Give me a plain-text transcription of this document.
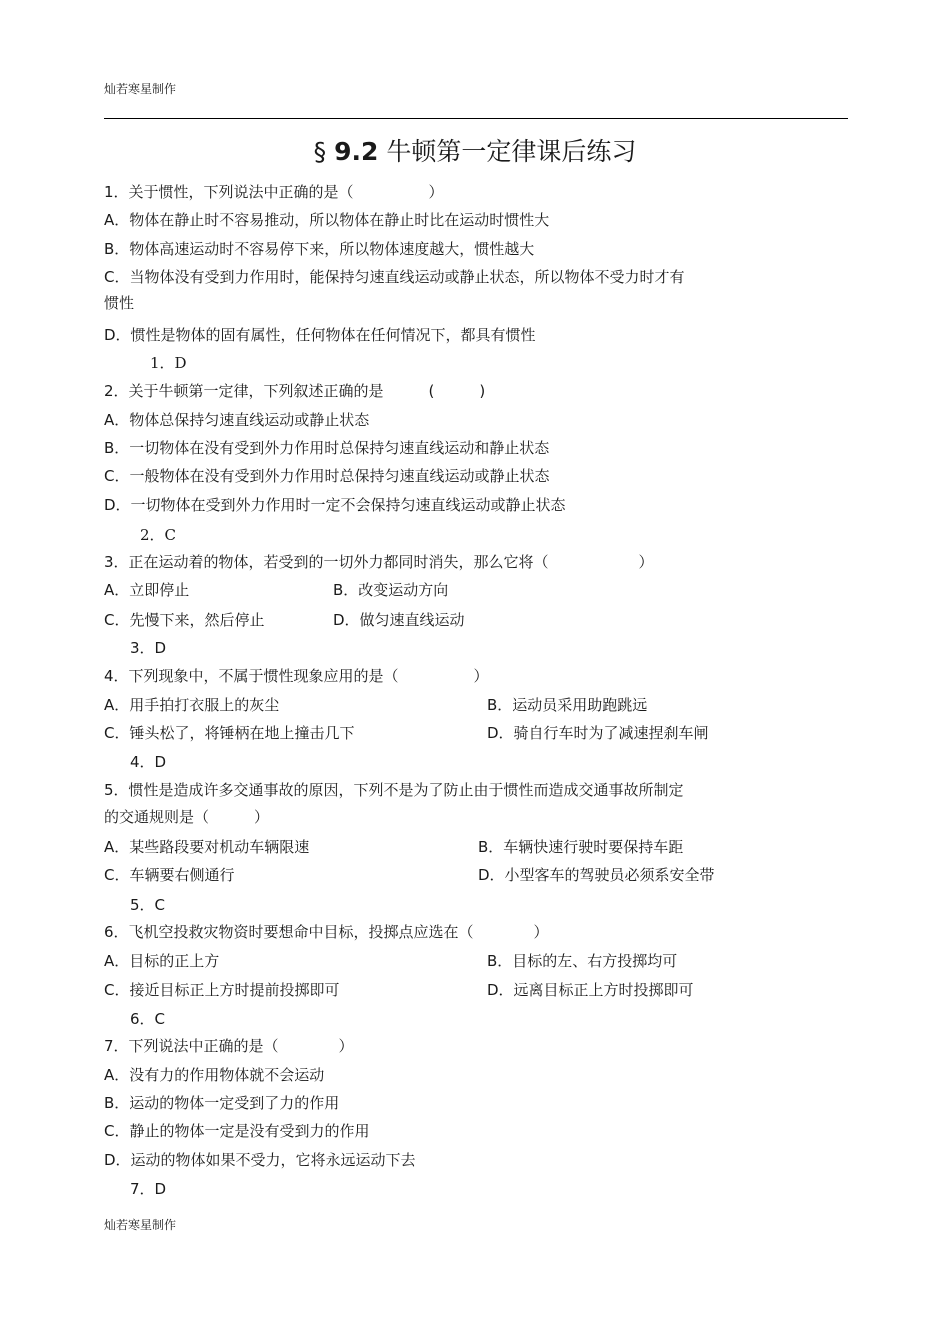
灿若寒星制作
§ 9.2 牛顿第一定律课后练习
1．关于惯性，下列说法中正确的是（　　　　　）
A．物体在静止时不容易推动，所以物体在静止时比在运动时惯性大
B．物体高速运动时不容易停下来，所以物体速度越大，惯性越大
C．当物体没有受到力作用时，能保持匀速直线运动或静止状态，所以物体不受力时才有
惯性
D．惯性是物体的固有属性，任何物体在任何情况下，都具有惯性
1．D
2．关于牛顿第一定律，下列叙述正确的是　　　(　　　)
A．物体总保持匀速直线运动或静止状态
B．一切物体在没有受到外力作用时总保持匀速直线运动和静止状态
C．一般物体在没有受到外力作用时总保持匀速直线运动或静止状态
D．一切物体在受到外力作用时一定不会保持匀速直线运动或静止状态
2．C
3．正在运动着的物体，若受到的一切外力都同时消失，那么它将（　　　　　　）
A．立即停止	B．改变运动方向
C．先慢下来，然后停止	D．做匀速直线运动
3．D
4．下列现象中，不属于惯性现象应用的是（　　　　　）
A．用手拍打衣服上的灰尘	B．运动员采用助跑跳远
C．锤头松了，将锤柄在地上撞击几下	D．骑自行车时为了减速捏刹车闸
4．D
5．惯性是造成许多交通事故的原因，下列不是为了防止由于惯性而造成交通事故所制定
的交通规则是（　　　）
A．某些路段要对机动车辆限速	B．车辆快速行驶时要保持车距
C．车辆要右侧通行	D．小型客车的驾驶员必须系安全带
5．C
6．飞机空投救灾物资时要想命中目标，投掷点应选在（　　　　）
A．目标的正上方	B．目标的左、右方投掷均可
C．接近目标正上方时提前投掷即可	D．远离目标正上方时投掷即可
6．C
7．下列说法中正确的是（　　　　）
A．没有力的作用物体就不会运动
B．运动的物体一定受到了力的作用
C．静止的物体一定是没有受到力的作用
D．运动的物体如果不受力，它将永远运动下去
7．D
灿若寒星制作
